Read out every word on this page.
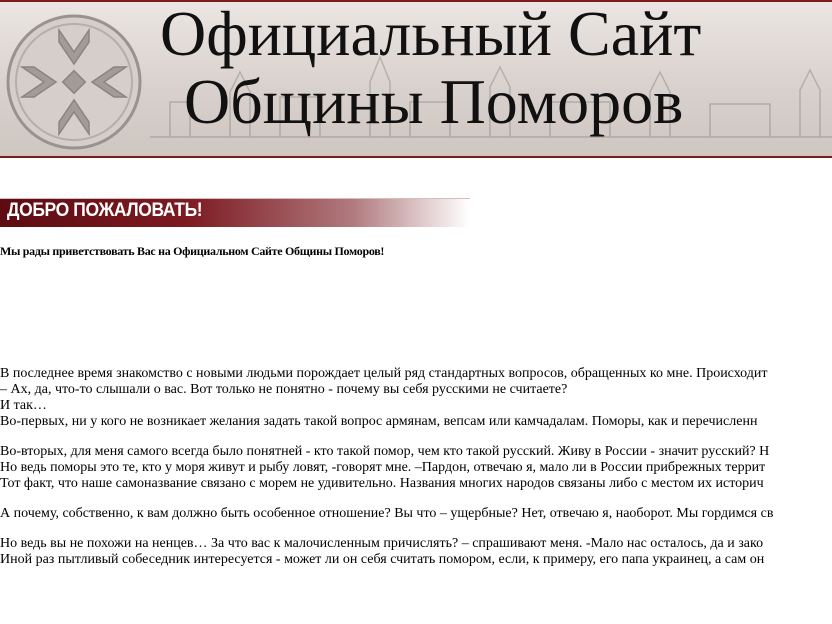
Официальный Сайт
Общины Поморов
ДОБРО ПОЖАЛОВАТЬ!
Мы рады приветствовать Вас на Официальном Сайте Общины Поморов!
В последнее время знакомство с новыми людьми порождает целый ряд стандартных вопросов, обращенных ко мне. Происходит
– Ах, да, что-то слышали о вас. Вот только не понятно - почему вы себя русскими не считаете?
И так…
Во-первых, ни у кого не возникает желания задать такой вопрос армянам, вепсам или камчадалам. Поморы, как и перечисленн
Во-вторых, для меня самого всегда было понятней - кто такой помор, чем кто такой русский. Живу в России - значит русский? Н
Но ведь поморы это те, кто у моря живут и рыбу ловят, -говорят мне. –Пардон, отвечаю я, мало ли в России прибрежных террит
Тот факт, что наше самоназвание связано с морем не удивительно. Названия многих народов связаны либо с местом их историч
А почему, собственно, к вам должно быть особенное отношение? Вы что – ущербные? Нет, отвечаю я, наоборот. Мы гордимся св
Но ведь вы не похожи на ненцев… За что вас к малочисленным причислять? – спрашивают меня. -Мало нас осталось, да и зако
Иной раз пытливый собеседник интересуется - может ли он себя считать помором, если, к примеру, его папа украинец, а сам он
